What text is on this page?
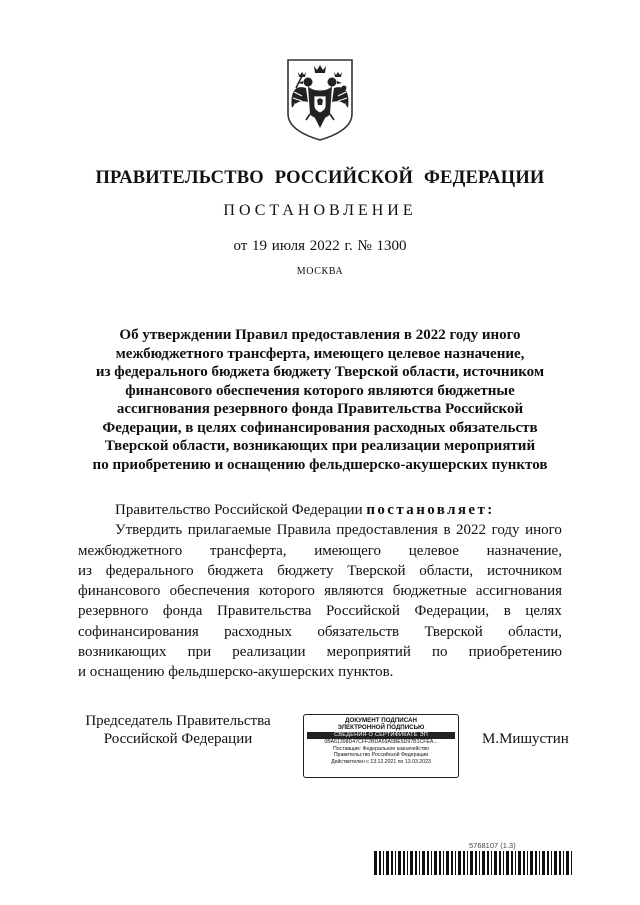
ПРАВИТЕЛЬСТВО РОССИЙСКОЙ ФЕДЕРАЦИИ
ПОСТАНОВЛЕНИЕ
от 19 июля 2022 г. № 1300
МОСКВА
Об утверждении Правил предоставления в 2022 году иного
межбюджетного трансферта, имеющего целевое назначение,
из федерального бюджета бюджету Тверской области, источником
финансового обеспечения которого являются бюджетные
ассигнования резервного фонда Правительства Российской
Федерации, в целях софинансирования расходных обязательств
Тверской области, возникающих при реализации мероприятий
по приобретению и оснащению фельдшерско-акушерских пунктов
Правительство Российской Федерации
постановляет:
Утвердить прилагаемые Правила предоставления в 2022 году иного
межбюджетного трансферта, имеющего целевое назначение,
из федерального бюджета бюджету Тверской области, источником
финансового обеспечения которого являются бюджетные ассигнования
резервного фонда Правительства Российской Федерации, в целях
софинансирования расходных обязательств Тверской области,
возникающих при реализации мероприятий по приобретению
и оснащению фельдшерско-акушерских пунктов.
Председатель Правительства
Российской Федерации
ДОКУМЕНТ ПОДПИСАН
ЭЛЕКТРОННОЙ ПОДПИСЬЮ
СВЕДЕНИЯ О СЕРТИФИКАТЕ ЭП
0BA61398D47CFF2BDA59A5BE5D97B1CFEA...
Поставщик: Федеральное казначейство
Правительство Российской Федерации
Действителен с 13.12.2021 по 13.03.2023
М.Мишустин
5768107 (1.3)
